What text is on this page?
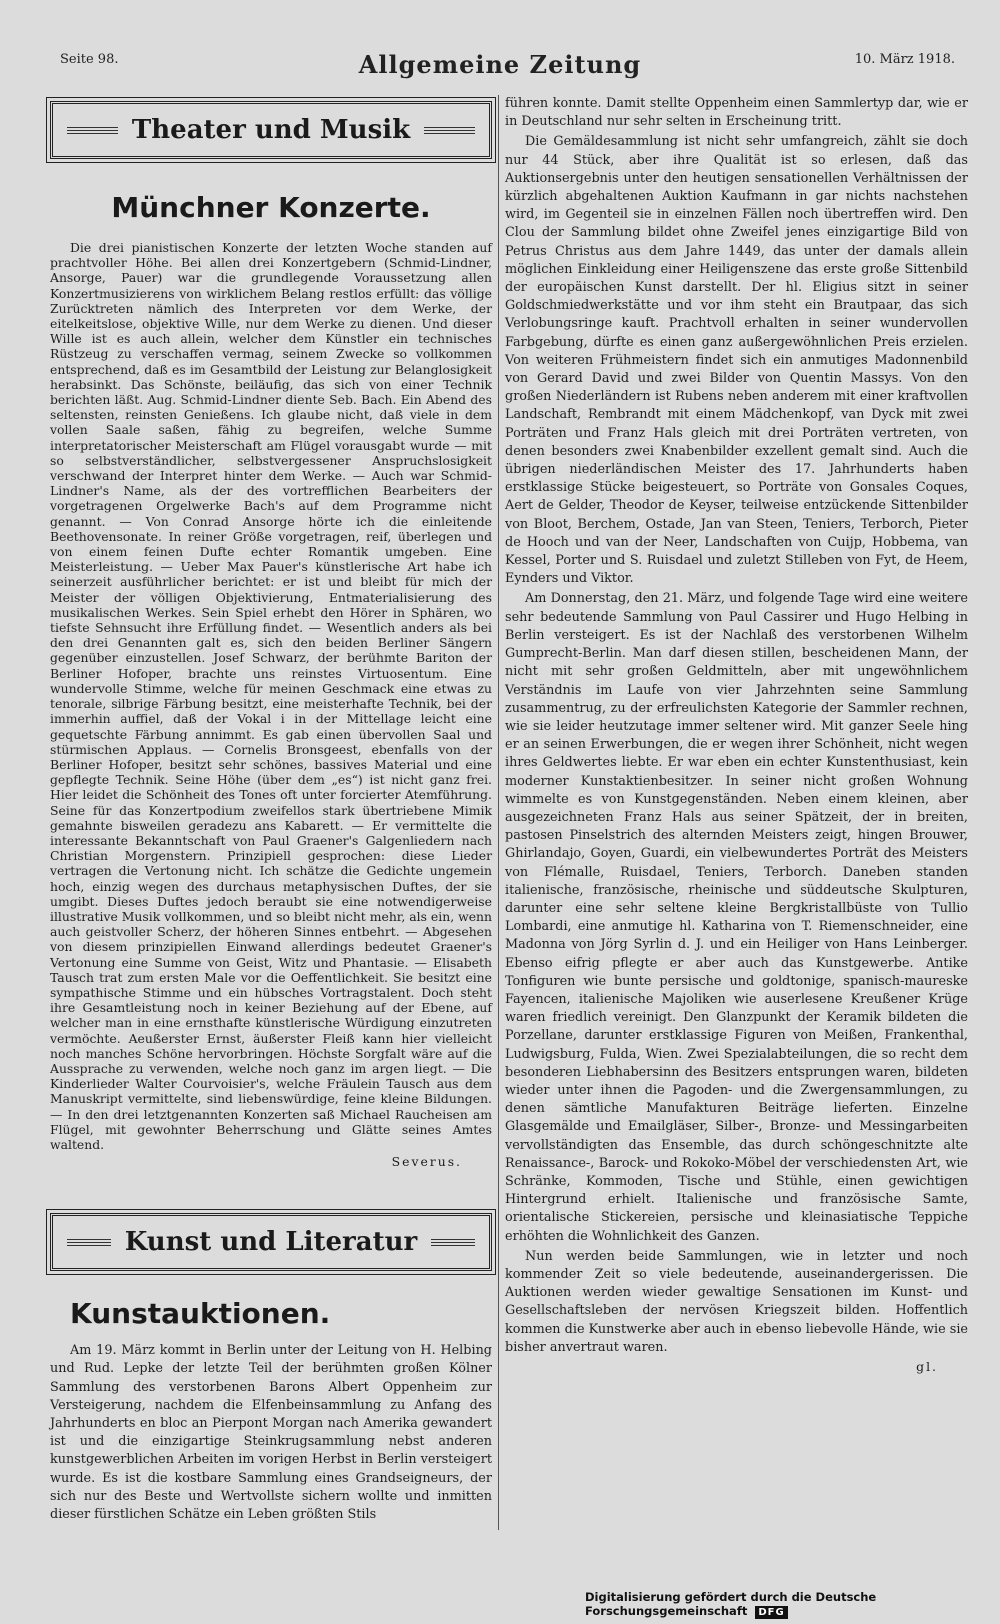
Seite 98.	Allgemeine Zeitung	10. März 1918.
Theater und Musik
Münchner Konzerte.

Die drei pianistischen Konzerte der letzten Woche standen auf prachtvoller Höhe. Bei allen drei Konzertgebern (Schmid-Lindner, Ansorge, Pauer) war die grundlegende Voraussetzung allen Konzertmusizierens von wirklichem Belang restlos erfüllt: das völlige Zurücktreten nämlich des Interpreten vor dem Werke, der eitelkeitslose, objektive Wille, nur dem Werke zu dienen. Und dieser Wille ist es auch allein, welcher dem Künstler ein technisches Rüstzeug zu verschaffen vermag, seinem Zwecke so vollkommen entsprechend, daß es im Gesamtbild der Leistung zur Belanglosigkeit herabsinkt. Das Schönste, beiläufig, das sich von einer Technik berichten läßt. Aug. Schmid-Lindner diente Seb. Bach. Ein Abend des seltensten, reinsten Genießens. Ich glaube nicht, daß viele in dem vollen Saale saßen, fähig zu begreifen, welche Summe interpretatorischer Meisterschaft am Flügel vorausgabt wurde — mit so selbstverständlicher, selbstvergessener Anspruchslosigkeit verschwand der Interpret hinter dem Werke. — Auch war Schmid-Lindner's Name, als der des vortrefflichen Bearbeiters der vorgetragenen Orgelwerke Bach's auf dem Programme nicht genannt. — Von Conrad Ansorge hörte ich die einleitende Beethovensonate. In reiner Größe vorgetragen, reif, überlegen und von einem feinen Dufte echter Romantik umgeben. Eine Meisterleistung. — Ueber Max Pauer's künstlerische Art habe ich seinerzeit ausführlicher berichtet: er ist und bleibt für mich der Meister der völligen Objektivierung, Entmaterialisierung des musikalischen Werkes. Sein Spiel erhebt den Hörer in Sphären, wo tiefste Sehnsucht ihre Erfüllung findet. — Wesentlich anders als bei den drei Genannten galt es, sich den beiden Berliner Sängern gegenüber einzustellen. Josef Schwarz, der berühmte Bariton der Berliner Hofoper, brachte uns reinstes Virtuosentum. Eine wundervolle Stimme, welche für meinen Geschmack eine etwas zu tenorale, silbrige Färbung besitzt, eine meisterhafte Technik, bei der immerhin auffiel, daß der Vokal i in der Mittellage leicht eine gequetschte Färbung annimmt. Es gab einen übervollen Saal und stürmischen Applaus. — Cornelis Bronsgeest, ebenfalls von der Berliner Hofoper, besitzt sehr schönes, bassives Material und eine gepflegte Technik. Seine Höhe (über dem „es“) ist nicht ganz frei. Hier leidet die Schönheit des Tones oft unter forcierter Atemführung. Seine für das Konzertpodium zweifellos stark übertriebene Mimik gemahnte bisweilen geradezu ans Kabarett. — Er vermittelte die interessante Bekanntschaft von Paul Graener's Galgenliedern nach Christian Morgenstern. Prinzipiell gesprochen: diese Lieder vertragen die Vertonung nicht. Ich schätze die Gedichte ungemein hoch, einzig wegen des durchaus metaphysischen Duftes, der sie umgibt. Dieses Duftes jedoch beraubt sie eine notwendigerweise illustrative Musik vollkommen, und so bleibt nicht mehr, als ein, wenn auch geistvoller Scherz, der höheren Sinnes entbehrt. — Abgesehen von diesem prinzipiellen Einwand allerdings bedeutet Graener's Vertonung eine Summe von Geist, Witz und Phantasie. — Elisabeth Tausch trat zum ersten Male vor die Oeffentlichkeit. Sie besitzt eine sympathische Stimme und ein hübsches Vortragstalent. Doch steht ihre Gesamtleistung noch in keiner Beziehung auf der Ebene, auf welcher man in eine ernsthafte künstlerische Würdigung einzutreten vermöchte. Aeußerster Ernst, äußerster Fleiß kann hier vielleicht noch manches Schöne hervorbringen. Höchste Sorgfalt wäre auf die Aussprache zu verwenden, welche noch ganz im argen liegt. — Die Kinderlieder Walter Courvoisier's, welche Fräulein Tausch aus dem Manuskript vermittelte, sind liebenswürdige, feine kleine Bildungen. — In den drei letztgenannten Konzerten saß Michael Raucheisen am Flügel, mit gewohnter Beherrschung und Glätte seines Amtes waltend.

Severus.
Kunst und Literatur
Kunstauktionen.

Am 19. März kommt in Berlin unter der Leitung von H. Helbing und Rud. Lepke der letzte Teil der berühmten großen Kölner Sammlung des verstorbenen Barons Albert Oppenheim zur Versteigerung, nachdem die Elfenbeinsammlung zu Anfang des Jahrhunderts en bloc an Pierpont Morgan nach Amerika gewandert ist und die einzigartige Steinkrugsammlung nebst anderen kunstgewerblichen Arbeiten im vorigen Herbst in Berlin versteigert wurde. Es ist die kostbare Sammlung eines Grandseigneurs, der sich nur des Beste und Wertvollste sichern wollte und inmitten dieser fürstlichen Schätze ein Leben größten Stils

führen konnte. Damit stellte Oppenheim einen Sammlertyp dar, wie er in Deutschland nur sehr selten in Erscheinung tritt.

Die Gemäldesammlung ist nicht sehr umfangreich, zählt sie doch nur 44 Stück, aber ihre Qualität ist so erlesen, daß das Auktionsergebnis unter den heutigen sensationellen Verhältnissen der kürzlich abgehaltenen Auktion Kaufmann in gar nichts nachstehen wird, im Gegenteil sie in einzelnen Fällen noch übertreffen wird. Den Clou der Sammlung bildet ohne Zweifel jenes einzigartige Bild von Petrus Christus aus dem Jahre 1449, das unter der damals allein möglichen Einkleidung einer Heiligenszene das erste große Sittenbild der europäischen Kunst darstellt. Der hl. Eligius sitzt in seiner Goldschmiedwerkstätte und vor ihm steht ein Brautpaar, das sich Verlobungsringe kauft. Prachtvoll erhalten in seiner wundervollen Farbgebung, dürfte es einen ganz außergewöhnlichen Preis erzielen. Von weiteren Frühmeistern findet sich ein anmutiges Madonnenbild von Gerard David und zwei Bilder von Quentin Massys. Von den großen Niederländern ist Rubens neben anderem mit einer kraftvollen Landschaft, Rembrandt mit einem Mädchenkopf, van Dyck mit zwei Porträten und Franz Hals gleich mit drei Porträten vertreten, von denen besonders zwei Knabenbilder exzellent gemalt sind. Auch die übrigen niederländischen Meister des 17. Jahrhunderts haben erstklassige Stücke beigesteuert, so Porträte von Gonsales Coques, Aert de Gelder, Theodor de Keyser, teilweise entzückende Sittenbilder von Bloot, Berchem, Ostade, Jan van Steen, Teniers, Terborch, Pieter de Hooch und van der Neer, Landschaften von Cuijp, Hobbema, van Kessel, Porter und S. Ruisdael und zuletzt Stilleben von Fyt, de Heem, Eynders und Viktor.

Am Donnerstag, den 21. März, und folgende Tage wird eine weitere sehr bedeutende Sammlung von Paul Cassirer und Hugo Helbing in Berlin versteigert. Es ist der Nachlaß des verstorbenen Wilhelm Gumprecht-Berlin. Man darf diesen stillen, bescheidenen Mann, der nicht mit sehr großen Geldmitteln, aber mit ungewöhnlichem Verständnis im Laufe von vier Jahrzehnten seine Sammlung zusammentrug, zu der erfreulichsten Kategorie der Sammler rechnen, wie sie leider heutzutage immer seltener wird. Mit ganzer Seele hing er an seinen Erwerbungen, die er wegen ihrer Schönheit, nicht wegen ihres Geldwertes liebte. Er war eben ein echter Kunstenthusiast, kein moderner Kunstaktienbesitzer. In seiner nicht großen Wohnung wimmelte es von Kunstgegenständen. Neben einem kleinen, aber ausgezeichneten Franz Hals aus seiner Spätzeit, der in breiten, pastosen Pinselstrich des alternden Meisters zeigt, hingen Brouwer, Ghirlandajo, Goyen, Guardi, ein vielbewundertes Porträt des Meisters von Flémalle, Ruisdael, Teniers, Terborch. Daneben standen italienische, französische, rheinische und süddeutsche Skulpturen, darunter eine sehr seltene kleine Bergkristallbüste von Tullio Lombardi, eine anmutige hl. Katharina von T. Riemenschneider, eine Madonna von Jörg Syrlin d. J. und ein Heiliger von Hans Leinberger. Ebenso eifrig pflegte er aber auch das Kunstgewerbe. Antike Tonfiguren wie bunte persische und goldtonige, spanisch-maureske Fayencen, italienische Majoliken wie auserlesene Kreußener Krüge waren friedlich vereinigt. Den Glanzpunkt der Keramik bildeten die Porzellane, darunter erstklassige Figuren von Meißen, Frankenthal, Ludwigsburg, Fulda, Wien. Zwei Spezialabteilungen, die so recht dem besonderen Liebhabersinn des Besitzers entsprungen waren, bildeten wieder unter ihnen die Pagoden- und die Zwergensammlungen, zu denen sämtliche Manufakturen Beiträge lieferten. Einzelne Glasgemälde und Emailgläser, Silber-, Bronze- und Messingarbeiten vervollständigten das Ensemble, das durch schöngeschnitzte alte Renaissance-, Barock- und Rokoko-Möbel der verschiedensten Art, wie Schränke, Kommoden, Tische und Stühle, einen gewichtigen Hintergrund erhielt. Italienische und französische Samte, orientalische Stickereien, persische und kleinasiatische Teppiche erhöhten die Wohnlichkeit des Ganzen.

Nun werden beide Sammlungen, wie in letzter und noch kommender Zeit so viele bedeutende, auseinandergerissen. Die Auktionen werden wieder gewaltige Sensationen im Kunst- und Gesellschaftsleben der nervösen Kriegszeit bilden. Hoffentlich kommen die Kunstwerke aber auch in ebenso liebevolle Hände, wie sie bisher anvertraut waren.

gl.
Digitalisierung gefördert durch die Deutsche Forschungsgemeinschaft DFG
